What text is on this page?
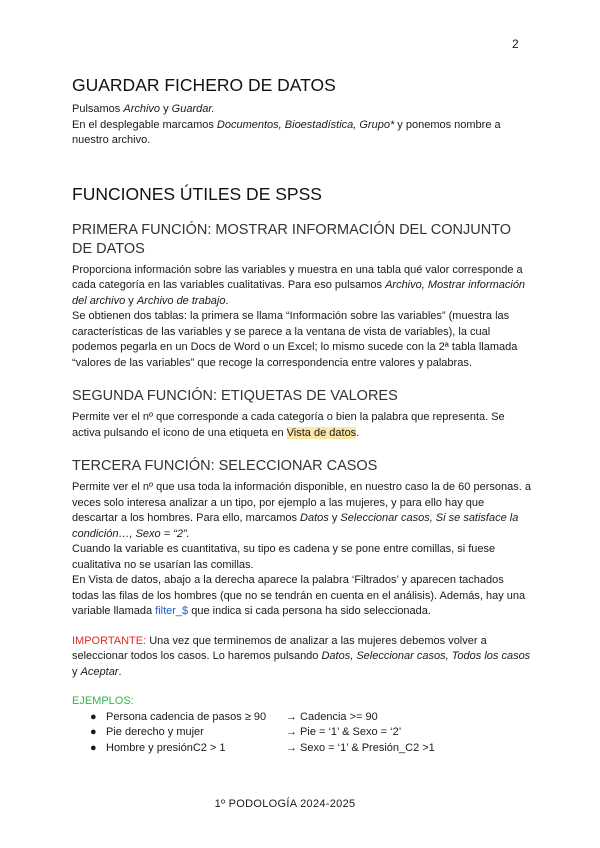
2
GUARDAR FICHERO DE DATOS

Pulsamos Archivo y Guardar.

En el desplegable marcamos Documentos, Bioestadística, Grupo* y ponemos nombre a nuestro archivo.

FUNCIONES ÚTILES DE SPSS
PRIMERA FUNCIÓN: MOSTRAR INFORMACIÓN DEL CONJUNTO DE DATOS

Proporciona información sobre las variables y muestra en una tabla qué valor corresponde a cada categoría en las variables cualitativas. Para eso pulsamos Archivo, Mostrar información del archivo y Archivo de trabajo.

Se obtienen dos tablas: la primera se llama “Información sobre las variables” (muestra las características de las variables y se parece a la ventana de vista de variables), la cual podemos pegarla en un Docs de Word o un Excel; lo mismo sucede con la 2ª tabla llamada “valores de las variables” que recoge la correspondencia entre valores y palabras.

SEGUNDA FUNCIÓN: ETIQUETAS DE VALORES

Permite ver el nº que corresponde a cada categoría o bien la palabra que representa. Se activa pulsando el icono de una etiqueta en Vista de datos.

TERCERA FUNCIÓN: SELECCIONAR CASOS

Permite ver el nº que usa toda la información disponible, en nuestro caso la de 60 personas. a veces solo interesa analizar a un tipo, por ejemplo a las mujeres, y para ello hay que descartar a los hombres. Para ello, marcamos Datos y Seleccionar casos, Si se satisface la condición…, Sexo = “2”.

Cuando la variable es cuantitativa, su tipo es cadena y se pone entre comillas, si fuese cualitativa no se usarían las comillas.

En Vista de datos, abajo a la derecha aparece la palabra ‘Filtrados’ y aparecen tachados todas las filas de los hombres (que no se tendrán en cuenta en el análisis). Además, hay una variable llamada filter_$ que indica si cada persona ha sido seleccionada.

IMPORTANTE: Una vez que terminemos de analizar a las mujeres debemos volver a seleccionar todos los casos. Lo haremos pulsando Datos, Seleccionar casos, Todos los casos y Aceptar.

EJEMPLOS:

● Persona cadencia de pasos ≥ 90 → Cadencia >= 90
● Pie derecho y mujer	→ Pie = ‘1’ & Sexo = ‘2’
● Hombre y presiónC2 > 1	→ Sexo = ‘1’ & Presión_C2 >1
1º PODOLOGÍA 2024-2025
